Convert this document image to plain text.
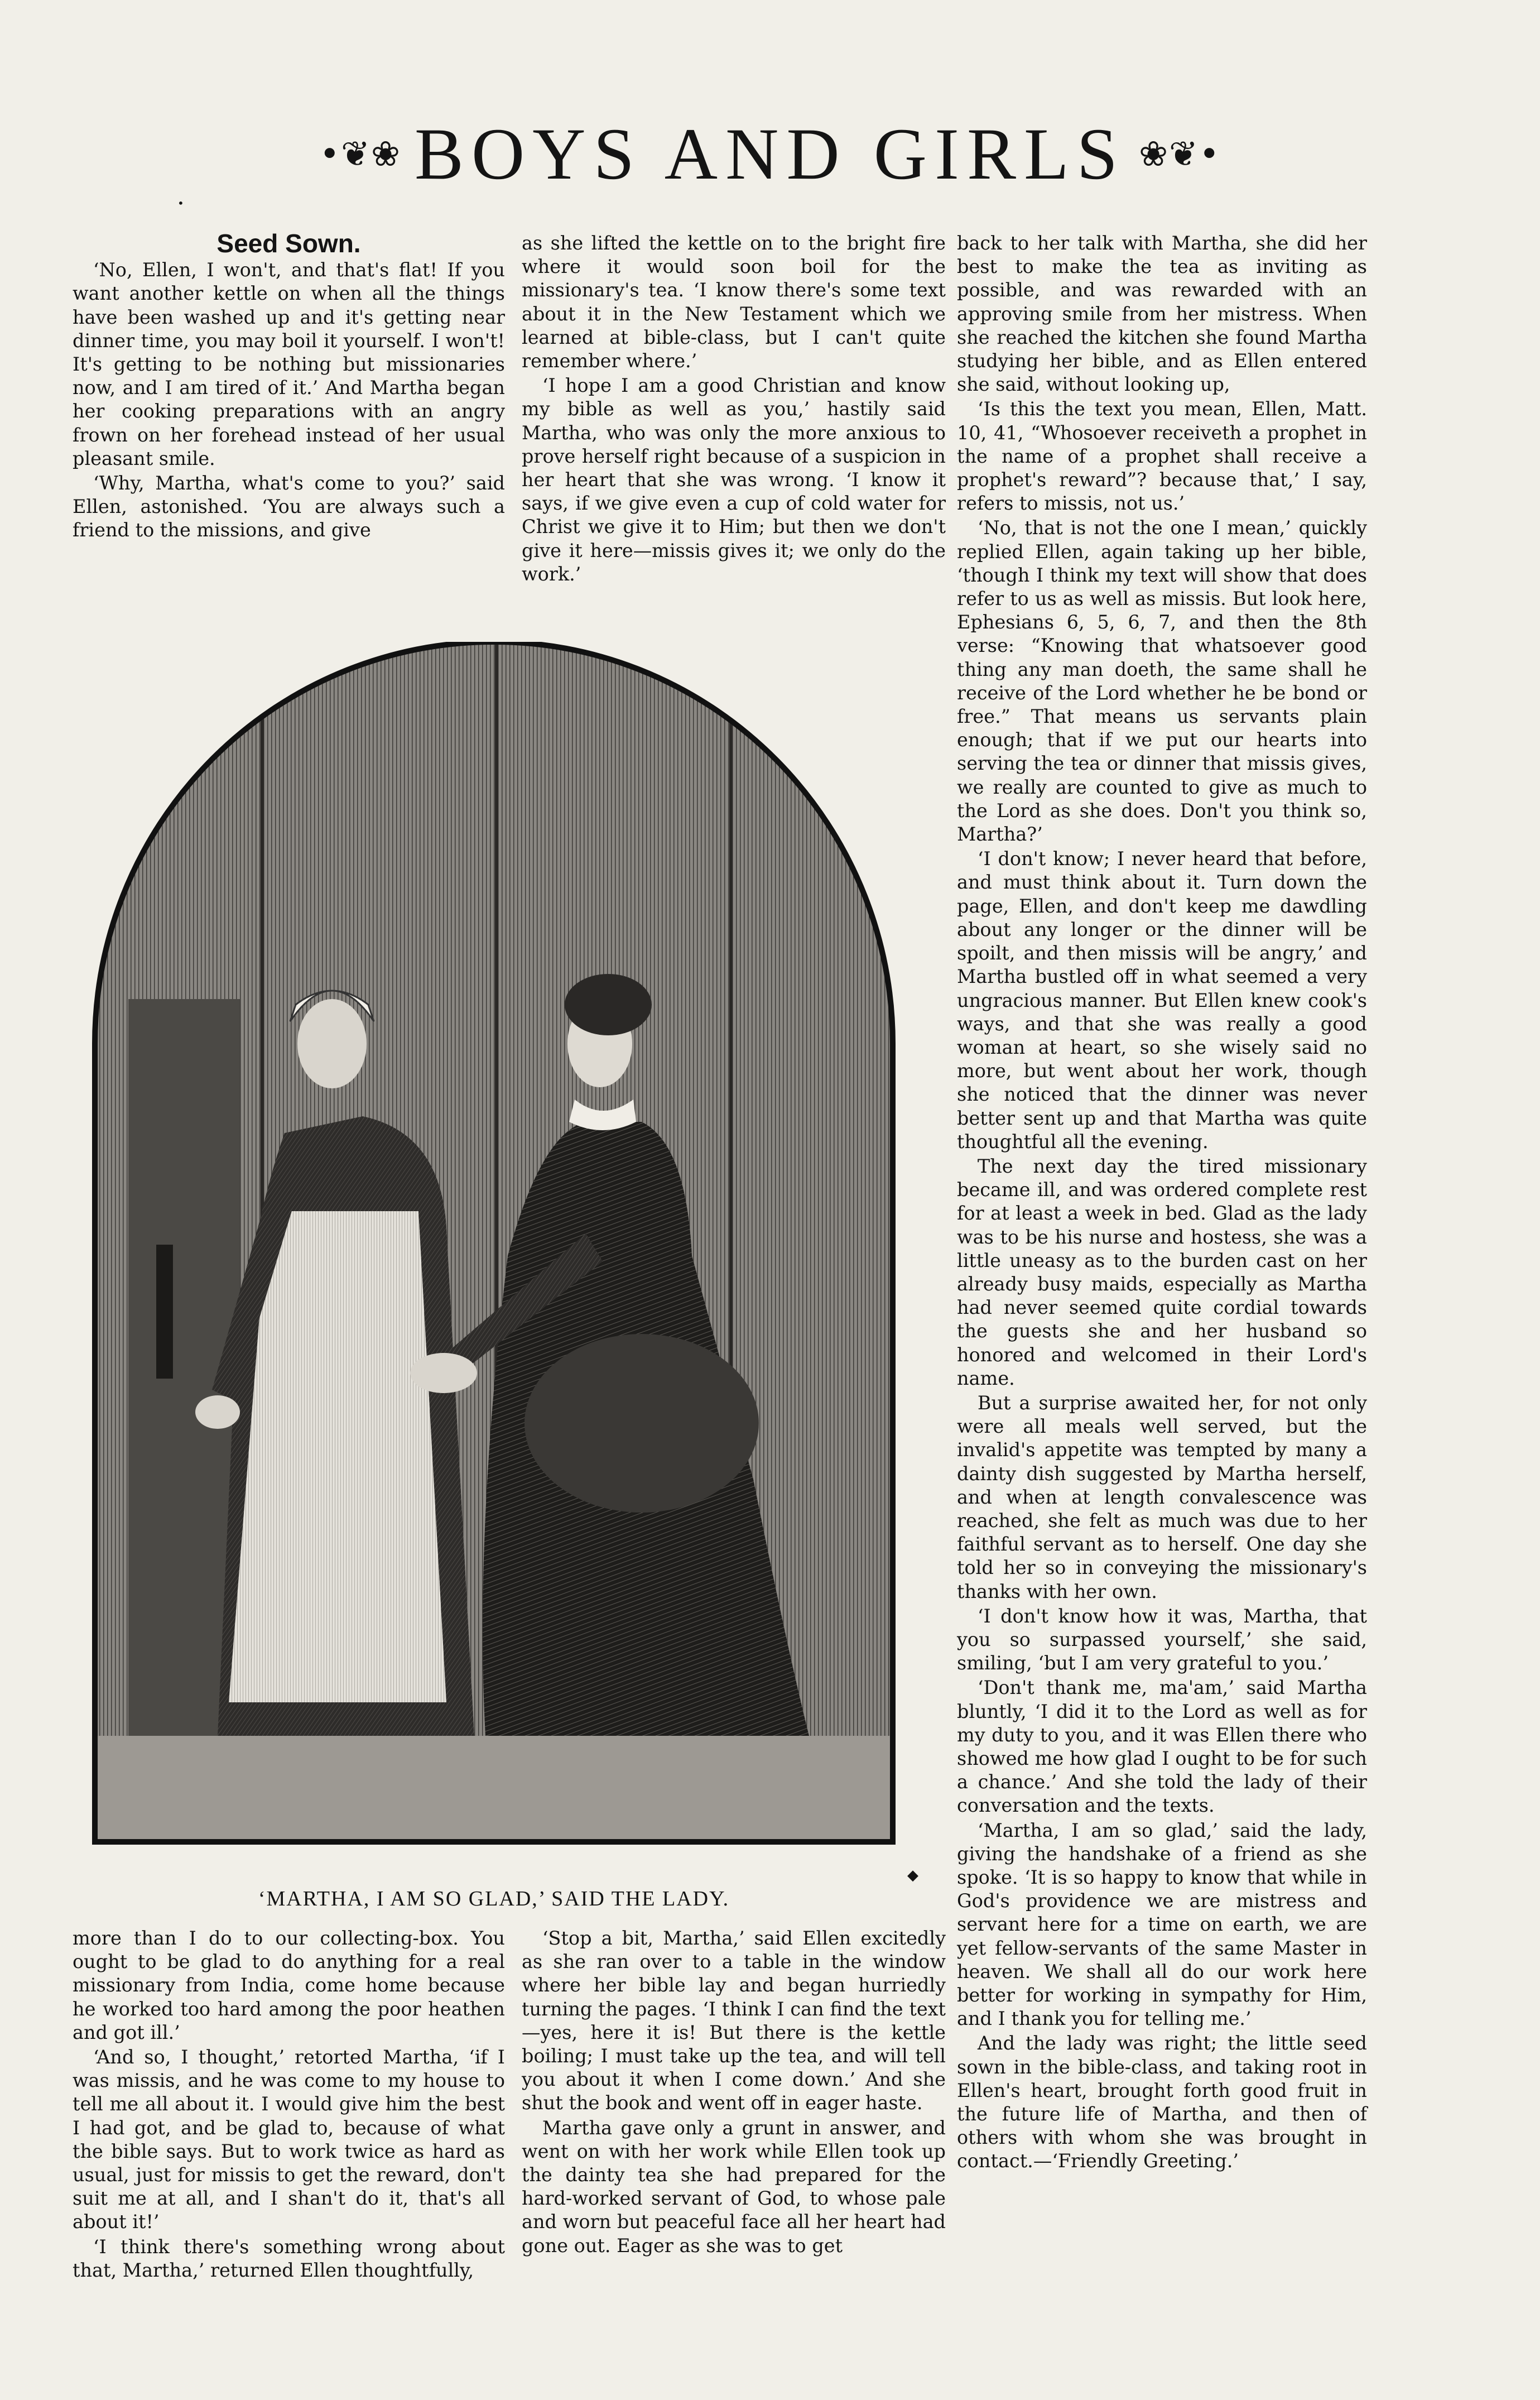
•❦❀ BOYS AND GIRLS ❀❦•
•
Seed Sown.

‘No, Ellen, I won't, and that's flat! If you want another kettle on when all the things have been washed up and it's getting near dinner time, you may boil it yourself. I won't! It's getting to be nothing but missionaries now, and I am tired of it.’ And Martha began her cooking preparations with an angry frown on her forehead instead of her usual pleasant smile.

‘Why, Martha, what's come to you?’ said Ellen, astonished. ‘You are always such a friend to the missions, and give

as she lifted the kettle on to the bright fire where it would soon boil for the missionary's tea. ‘I know there's some text about it in the New Testament which we learned at bible-class, but I can't quite remember where.’

‘I hope I am a good Christian and know my bible as well as you,’ hastily said Martha, who was only the more anxious to prove herself right because of a suspicion in her heart that she was wrong. ‘I know it says, if we give even a cup of cold water for Christ we give it to Him; but then we don't give it here—missis gives it; we only do the work.’

back to her talk with Martha, she did her best to make the tea as inviting as possible, and was rewarded with an approving smile from her mistress. When she reached the kitchen she found Martha studying her bible, and as Ellen entered she said, without looking up,

‘Is this the text you mean, Ellen, Matt. 10, 41, “Whosoever receiveth a prophet in the name of a prophet shall receive a prophet's reward”? because that,’ I say, refers to missis, not us.’

‘No, that is not the one I mean,’ quickly replied Ellen, again taking up her bible, ‘though I think my text will show that does refer to us as well as missis. But look here, Ephesians 6, 5, 6, 7, and then the 8th verse: “Knowing that whatsoever good thing any man doeth, the same shall he receive of the Lord whether he be bond or free.” That means us servants plain enough; that if we put our hearts into serving the tea or dinner that missis gives, we really are counted to give as much to the Lord as she does. Don't you think so, Martha?’

‘I don't know; I never heard that before, and must think about it. Turn down the page, Ellen, and don't keep me dawdling about any longer or the dinner will be spoilt, and then missis will be angry,’ and Martha bustled off in what seemed a very ungracious manner. But Ellen knew cook's ways, and that she was really a good woman at heart, so she wisely said no more, but went about her work, though she noticed that the dinner was never better sent up and that Martha was quite thoughtful all the evening.

The next day the tired missionary became ill, and was ordered complete rest for at least a week in bed. Glad as the lady was to be his nurse and hostess, she was a little uneasy as to the burden cast on her already busy maids, especially as Martha had never seemed quite cordial towards the guests she and her husband so honored and welcomed in their Lord's name.

But a surprise awaited her, for not only were all meals well served, but the invalid's appetite was tempted by many a dainty dish suggested by Martha herself, and when at length convalescence was reached, she felt as much was due to her faithful servant as to herself. One day she told her so in conveying the missionary's thanks with her own.

‘I don't know how it was, Martha, that you so surpassed yourself,’ she said, smiling, ‘but I am very grateful to you.’

‘Don't thank me, ma'am,’ said Martha bluntly, ‘I did it to the Lord as well as for my duty to you, and it was Ellen there who showed me how glad I ought to be for such a chance.’ And she told the lady of their conversation and the texts.

‘Martha, I am so glad,’ said the lady, giving the handshake of a friend as she spoke. ‘It is so happy to know that while in God's providence we are mistress and servant here for a time on earth, we are yet fellow-servants of the same Master in heaven. We shall all do our work here better for working in sympathy for Him, and I thank you for telling me.’

And the lady was right; the little seed sown in the bible-class, and taking root in Ellen's heart, brought forth good fruit in the future life of Martha, and then of others with whom she was brought in contact.—‘Friendly Greeting.’

◆
‘MARTHA, I AM SO GLAD,’ SAID THE LADY.

more than I do to our collecting-box. You ought to be glad to do anything for a real missionary from India, come home because he worked too hard among the poor heathen and got ill.’

‘And so, I thought,’ retorted Martha, ‘if I was missis, and he was come to my house to tell me all about it. I would give him the best I had got, and be glad to, because of what the bible says. But to work twice as hard as usual, just for missis to get the reward, don't suit me at all, and I shan't do it, that's all about it!’

‘I think there's something wrong about that, Martha,’ returned Ellen thoughtfully,

‘Stop a bit, Martha,’ said Ellen excitedly as she ran over to a table in the window where her bible lay and began hurriedly turning the pages. ‘I think I can find the text—yes, here it is! But there is the kettle boiling; I must take up the tea, and will tell you about it when I come down.’ And she shut the book and went off in eager haste.

Martha gave only a grunt in answer, and went on with her work while Ellen took up the dainty tea she had prepared for the hard-worked servant of God, to whose pale and worn but peaceful face all her heart had gone out. Eager as she was to get
